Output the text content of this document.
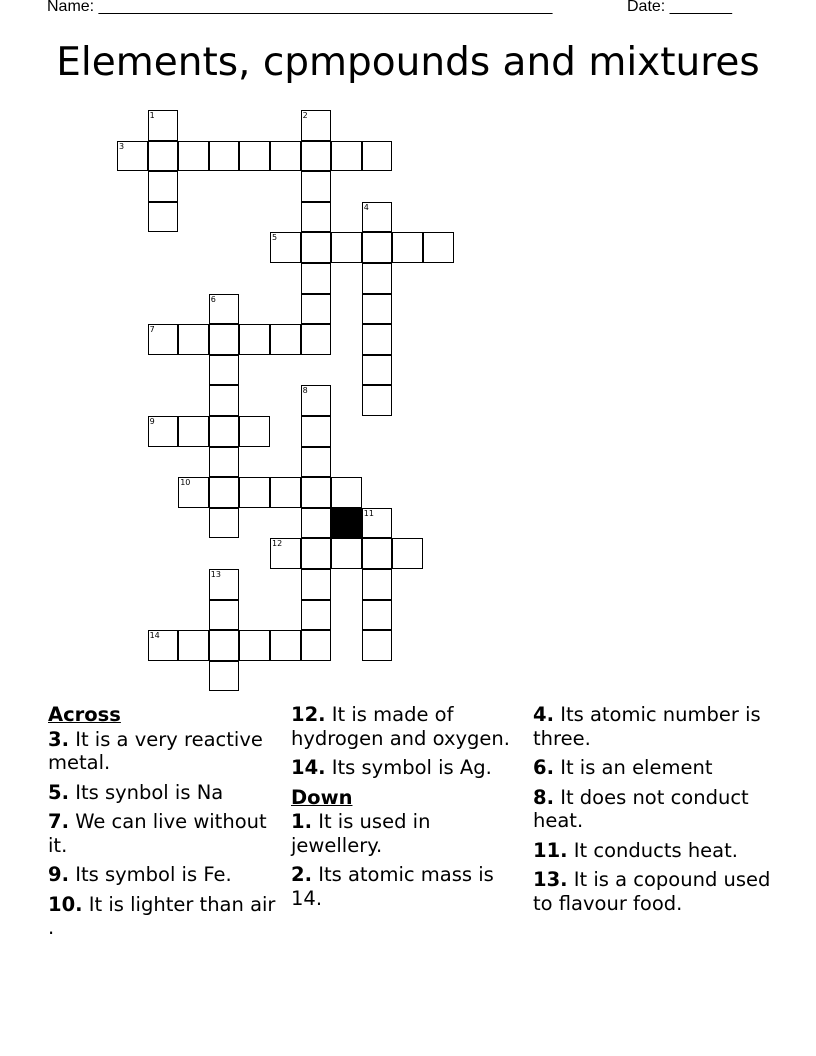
Name: ___________________________________________________	Date: _______
Elements, cpmpounds and mixtures
1	2
3
4
5
6
7
8
9
10
11
12
13
14
Across
3. It is a very reactive metal.
5. Its synbol is Na
7. We can live without it.
9. Its symbol is Fe.
10. It is lighter than air .
12. It is made of hydrogen and oxygen.
14. Its symbol is Ag.
Down
1. It is used in jewellery.
2. Its atomic mass is 14.
4. Its atomic number is three.
6. It is an element
8. It does not conduct heat.
11. It conducts heat.
13. It is a copound used to flavour food.
